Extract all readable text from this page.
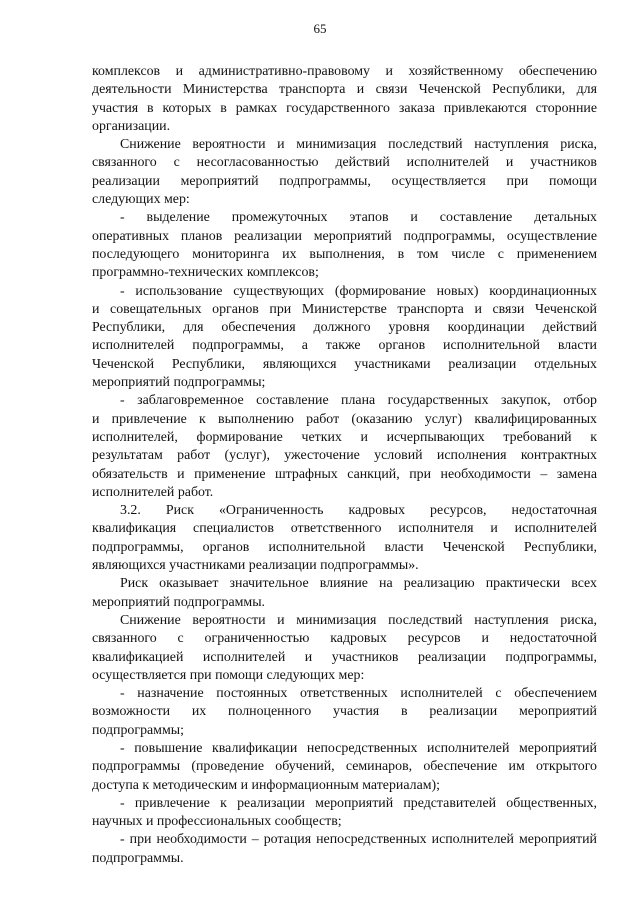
65
комплексов и административно-правовому и хозяйственному обеспечению
деятельности Министерства транспорта и связи Чеченской Республики, для
участия в которых в рамках государственного заказа привлекаются сторонние
организации.
Снижение вероятности и минимизация последствий наступления риска,
связанного с несогласованностью действий исполнителей и участников
реализации мероприятий подпрограммы, осуществляется при помощи
следующих мер:
- выделение промежуточных этапов и составление детальных
оперативных планов реализации мероприятий подпрограммы, осуществление
последующего мониторинга их выполнения, в том числе с применением
программно-технических комплексов;
- использование существующих (формирование новых) координационных
и совещательных органов при Министерстве транспорта и связи Чеченской
Республики, для обеспечения должного уровня координации действий
исполнителей подпрограммы, а также органов исполнительной власти
Чеченской Республики, являющихся участниками реализации отдельных
мероприятий подпрограммы;
- заблаговременное составление плана государственных закупок, отбор
и привлечение к выполнению работ (оказанию услуг) квалифицированных
исполнителей, формирование четких и исчерпывающих требований к
результатам работ (услуг), ужесточение условий исполнения контрактных
обязательств и применение штрафных санкций, при необходимости – замена
исполнителей работ.
3.2. Риск «Ограниченность кадровых ресурсов, недостаточная
квалификация специалистов ответственного исполнителя и исполнителей
подпрограммы, органов исполнительной власти Чеченской Республики,
являющихся участниками реализации подпрограммы».
Риск оказывает значительное влияние на реализацию практически всех
мероприятий подпрограммы.
Снижение вероятности и минимизация последствий наступления риска,
связанного с ограниченностью кадровых ресурсов и недостаточной
квалификацией исполнителей и участников реализации подпрограммы,
осуществляется при помощи следующих мер:
- назначение постоянных ответственных исполнителей с обеспечением
возможности их полноценного участия в реализации мероприятий
подпрограммы;
- повышение квалификации непосредственных исполнителей мероприятий
подпрограммы (проведение обучений, семинаров, обеспечение им открытого
доступа к методическим и информационным материалам);
- привлечение к реализации мероприятий представителей общественных,
научных и профессиональных сообществ;
- при необходимости – ротация непосредственных исполнителей мероприятий
подпрограммы.
